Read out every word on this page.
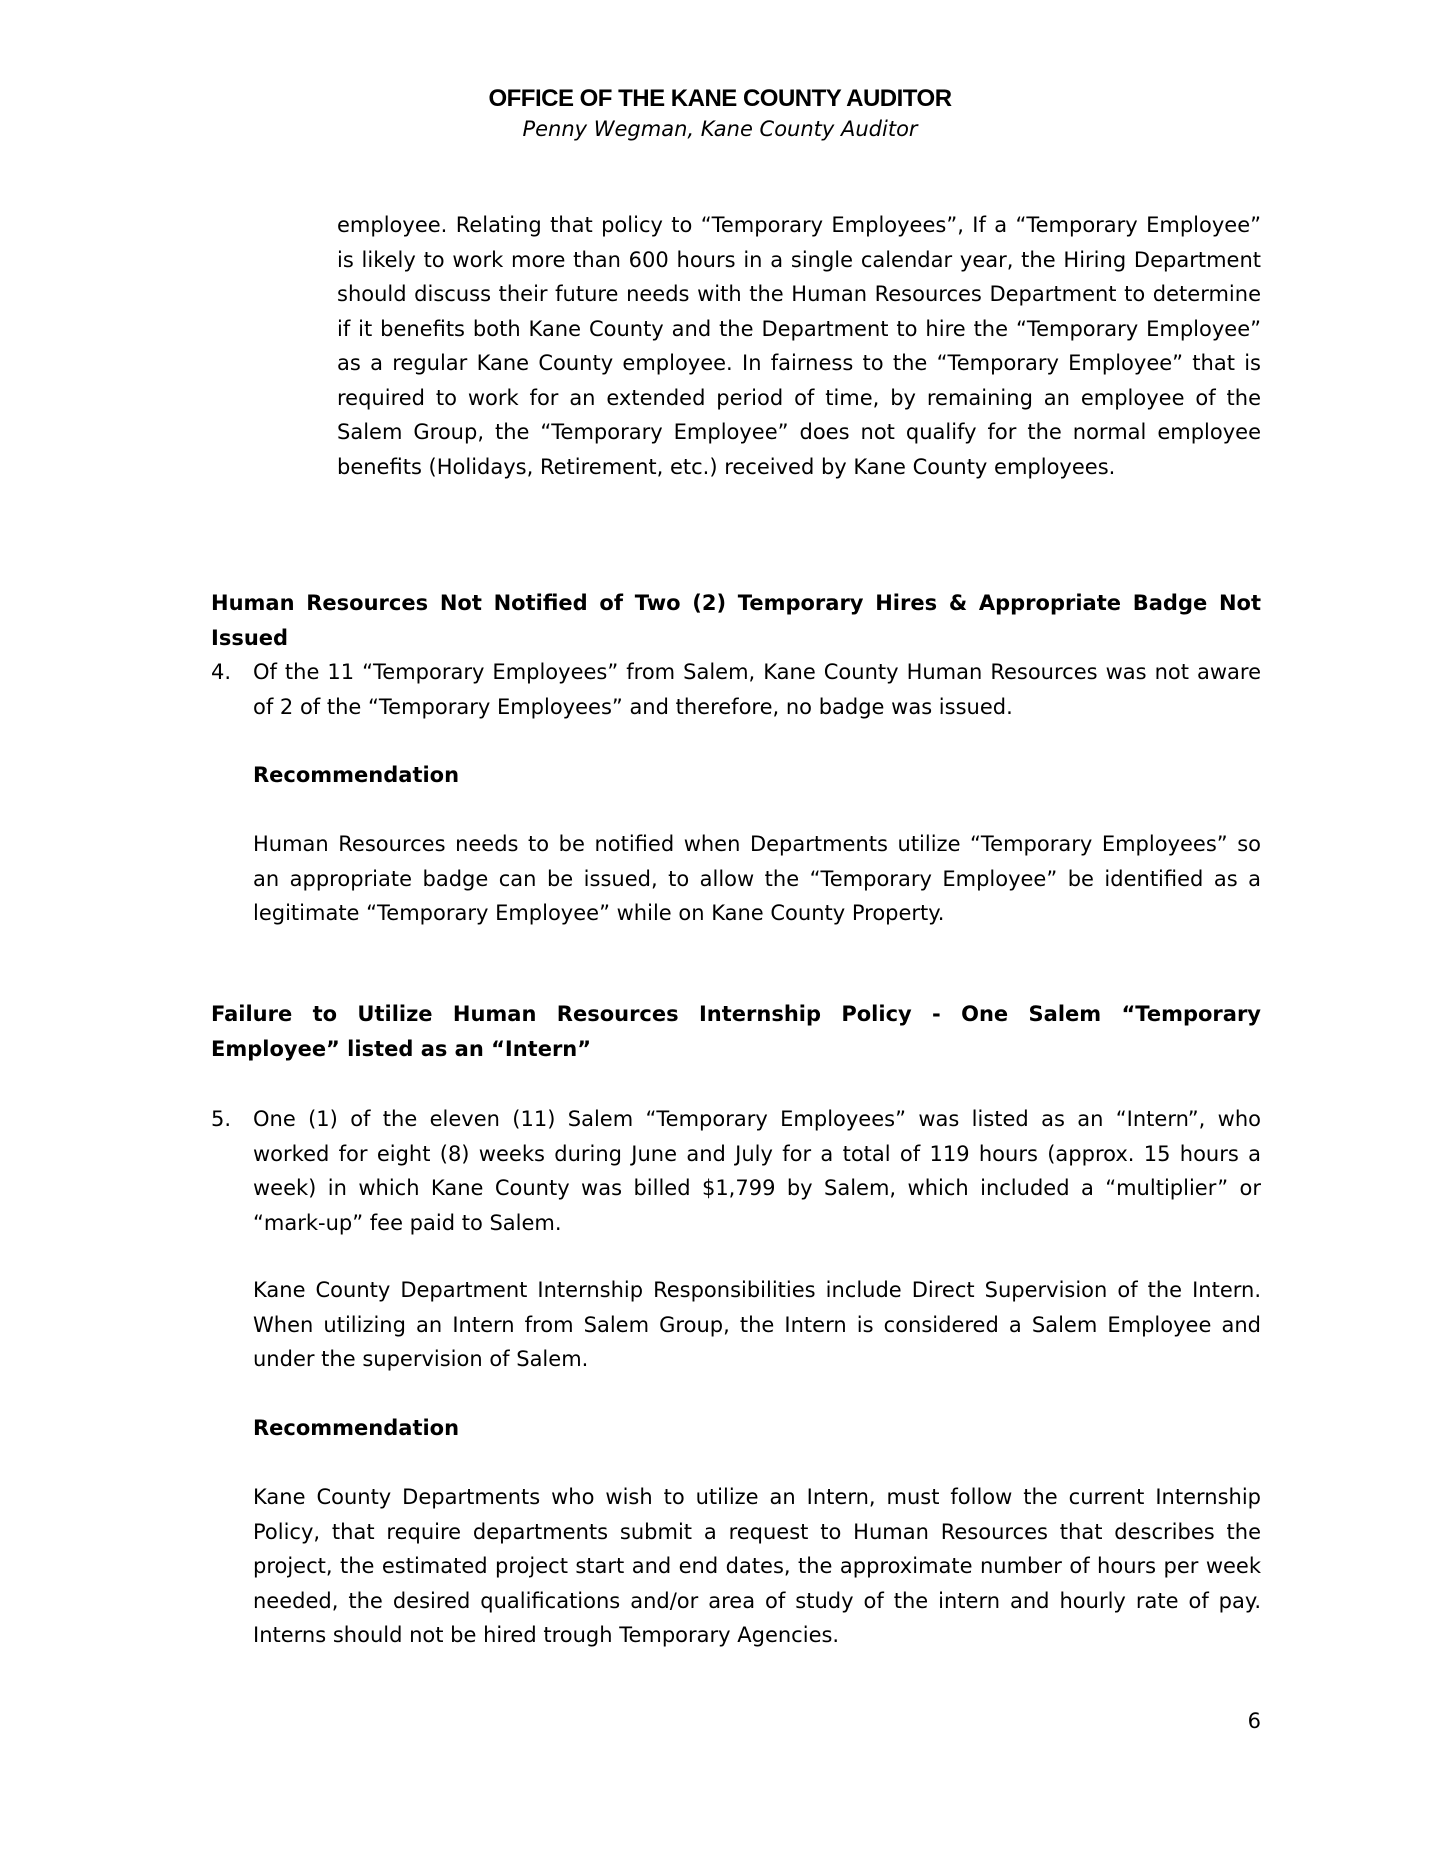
OFFICE OF THE KANE COUNTY AUDITOR

Penny Wegman, Kane County Auditor

employee. Relating that policy to “Temporary Employees”, If a “Temporary Employee” is likely to work more than 600 hours in a single calendar year, the Hiring Department should discuss their future needs with the Human Resources Department to determine if it benefits both Kane County and the Department to hire the “Temporary Employee” as a regular Kane County employee. In fairness to the “Temporary Employee” that is required to work for an extended period of time, by remaining an employee of the Salem Group, the “Temporary Employee” does not qualify for the normal employee benefits (Holidays, Retirement, etc.) received by Kane County employees.

Human Resources Not Notified of Two (2) Temporary Hires & Appropriate Badge Not Issued

4.	Of the 11 “Temporary Employees” from Salem, Kane County Human Resources was not aware of 2 of the “Temporary Employees” and therefore, no badge was issued.

Recommendation

Human Resources needs to be notified when Departments utilize “Temporary Employees” so an appropriate badge can be issued, to allow the “Temporary Employee” be identified as a legitimate “Temporary Employee” while on Kane County Property.

Failure to Utilize Human Resources Internship Policy - One Salem “Temporary Employee” listed as an “Intern”

5.	One (1) of the eleven (11) Salem “Temporary Employees” was listed as an “Intern”, who worked for eight (8) weeks during June and July for a total of 119 hours (approx. 15 hours a week) in which Kane County was billed $1,799 by Salem, which included a “multiplier” or “mark-up” fee paid to Salem.

Kane County Department Internship Responsibilities include Direct Supervision of the Intern. When utilizing an Intern from Salem Group, the Intern is considered a Salem Employee and under the supervision of Salem.

Recommendation

Kane County Departments who wish to utilize an Intern, must follow the current Internship Policy, that require departments submit a request to Human Resources that describes the project, the estimated project start and end dates, the approximate number of hours per week needed, the desired qualifications and/or area of study of the intern and hourly rate of pay. Interns should not be hired trough Temporary Agencies.

6
